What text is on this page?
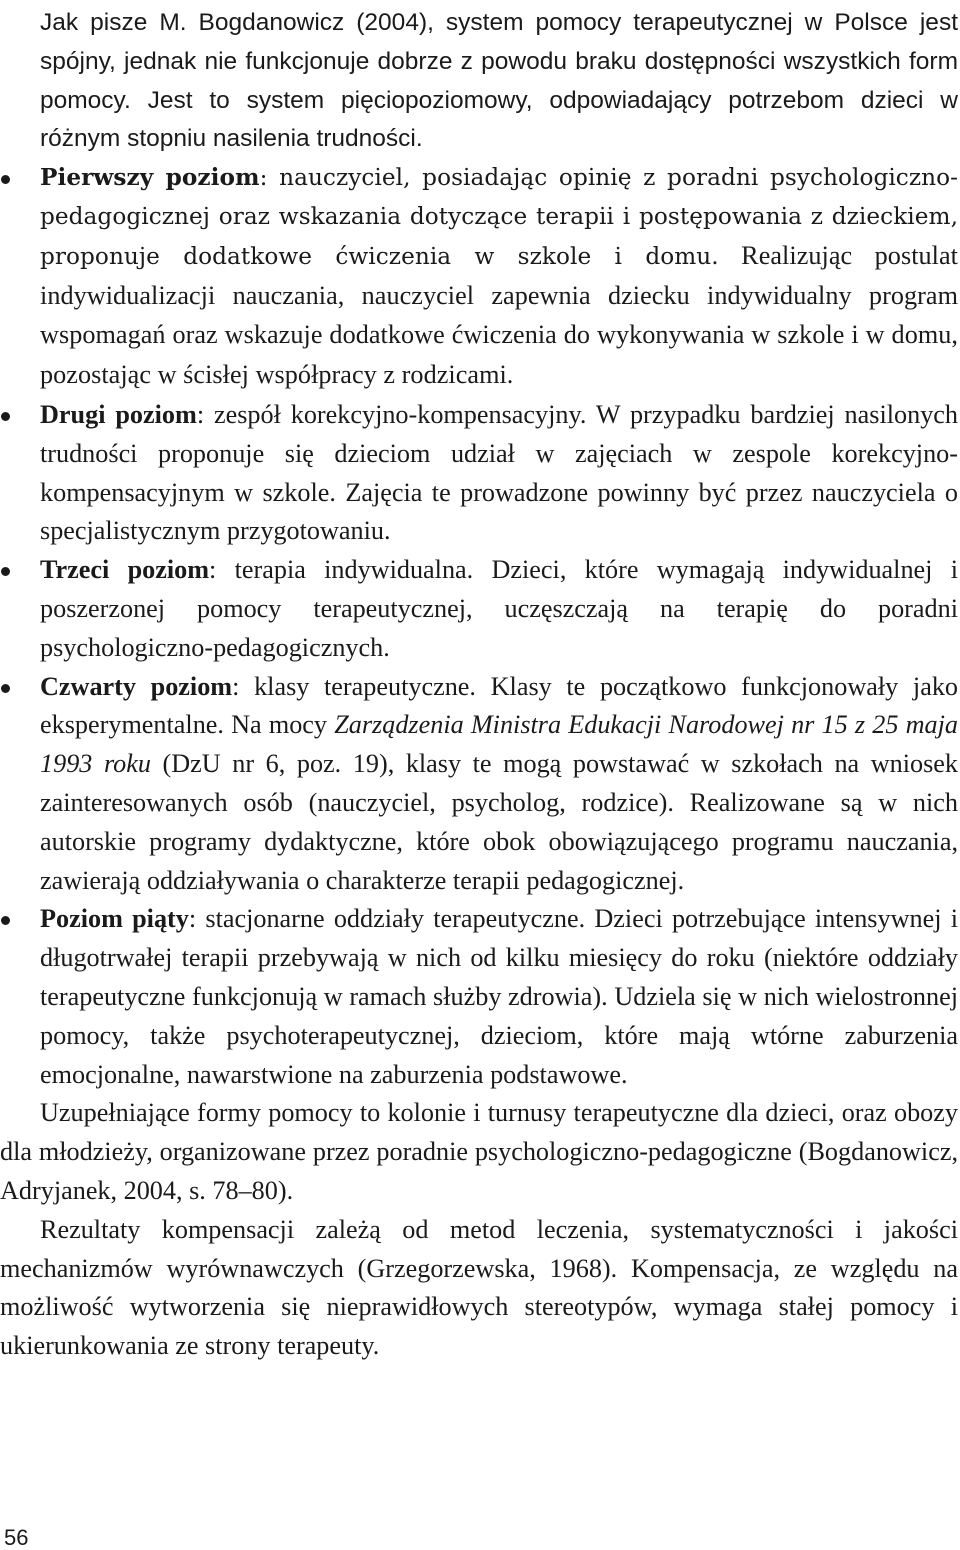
Jak pisze M. Bogdanowicz (2004), system pomocy terapeutycznej w Polsce jest spójny, jednak nie funkcjonuje dobrze z powodu braku dostępności wszystkich form pomocy. Jest to system pięciopoziomowy, odpowiadający potrzebom dzieci w różnym stopniu nasilenia trudności.

Pierwszy poziom: nauczyciel, posiadając opinię z poradni psychologiczno-pedagogicznej oraz wskazania dotyczące terapii i postępowania z dzieckiem, proponuje dodatkowe ćwiczenia w szkole i domu. Realizując postulat indywidualizacji nauczania, nauczyciel zapewnia dziecku indywidualny program wspomagań oraz wskazuje dodatkowe ćwiczenia do wykonywania w szkole i w domu, pozostając w ścisłej współpracy z rodzicami.
Drugi poziom: zespół korekcyjno-kompensacyjny. W przypadku bardziej nasilonych trudności proponuje się dzieciom udział w zajęciach w zespole korekcyjno-kompensacyjnym w szkole. Zajęcia te prowadzone powinny być przez nauczyciela o specjalistycznym przygotowaniu.
Trzeci poziom: terapia indywidualna. Dzieci, które wymagają indywidualnej i poszerzonej pomocy terapeutycznej, uczęszczają na terapię do poradni psychologiczno-pedagogicznych.
Czwarty poziom: klasy terapeutyczne. Klasy te początkowo funkcjonowały jako eksperymentalne. Na mocy Zarządzenia Ministra Edukacji Narodowej nr 15 z 25 maja 1993 roku (DzU nr 6, poz. 19), klasy te mogą powstawać w szkołach na wniosek zainteresowanych osób (nauczyciel, psycholog, rodzice). Realizowane są w nich autorskie programy dydaktyczne, które obok obowiązującego programu nauczania, zawierają oddziaływania o charakterze terapii pedagogicznej.
Poziom piąty: stacjonarne oddziały terapeutyczne. Dzieci potrzebujące intensywnej i długotrwałej terapii przebywają w nich od kilku miesięcy do roku (niektóre oddziały terapeutyczne funkcjonują w ramach służby zdrowia). Udziela się w nich wielostronnej pomocy, także psychoterapeutycznej, dzieciom, które mają wtórne zaburzenia emocjonalne, nawarstwione na zaburzenia podstawowe.

Uzupełniające formy pomocy to kolonie i turnusy terapeutyczne dla dzieci, oraz obozy dla młodzieży, organizowane przez poradnie psychologiczno-pedagogiczne (Bogdanowicz, Adryjanek, 2004, s. 78–80).

Rezultaty kompensacji zależą od metod leczenia, systematyczności i jakości mechanizmów wyrównawczych (Grzegorzewska, 1968). Kompensacja, ze względu na możliwość wytworzenia się nieprawidłowych stereotypów, wymaga stałej pomocy i ukierunkowania ze strony terapeuty.

56
